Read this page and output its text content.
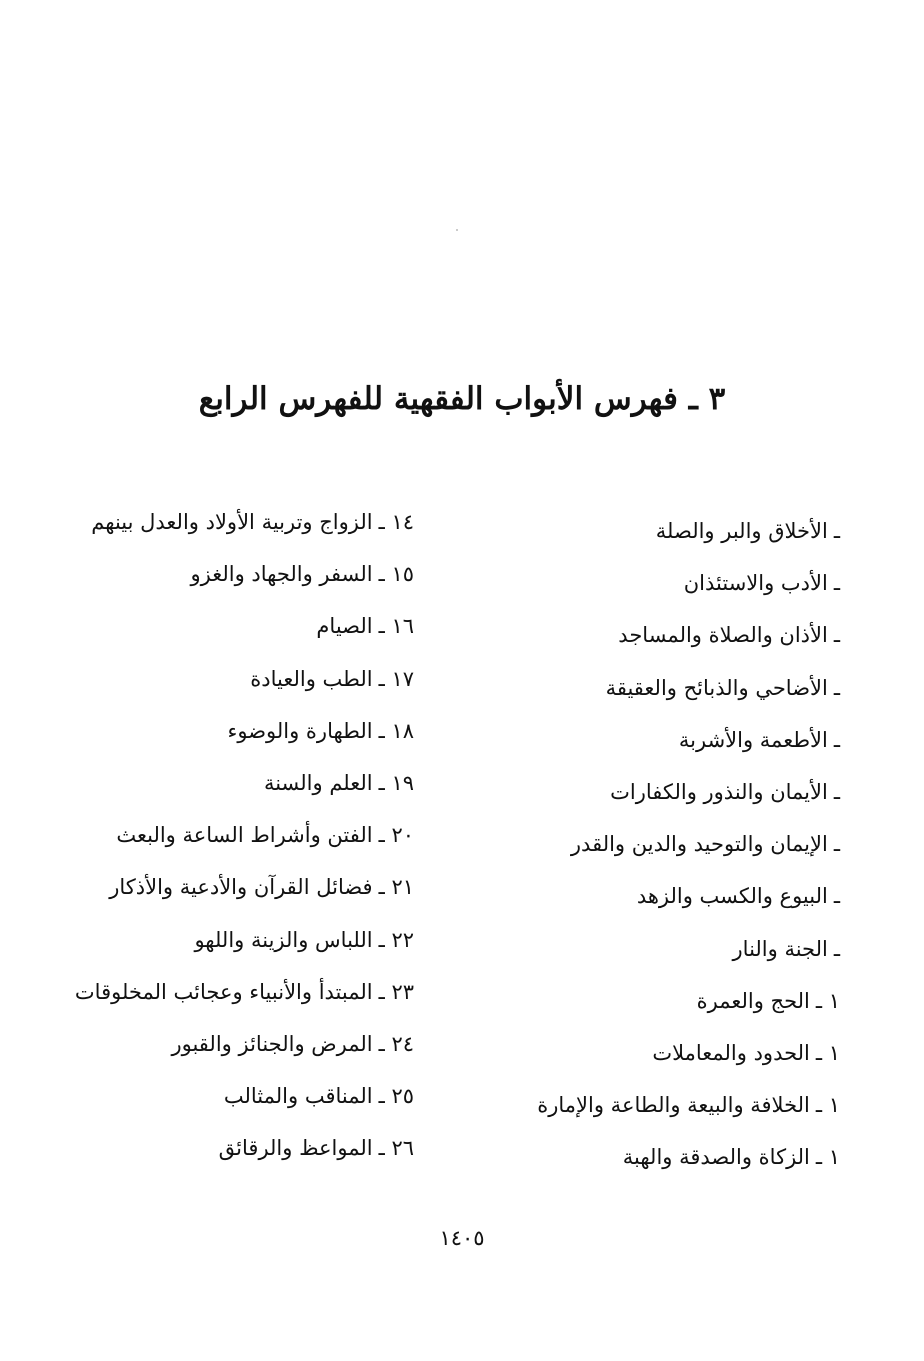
٣ ـ فهرس الأبواب الفقهية للفهرس الرابع
ـالأخلاق والبر والصلة
ـالأدب والاستئذان
ـالأذان والصلاة والمساجد
ـالأضاحي والذبائح والعقيقة
ـالأطعمة والأشربة
ـالأيمان والنذور والكفارات
ـالإيمان والتوحيد والدين والقدر
ـالبيوع والكسب والزهد
ـالجنة والنار
١ ـالحج والعمرة
١ ـالحدود والمعاملات
١ ـالخلافة والبيعة والطاعة والإمارة
١ ـالزكاة والصدقة والهبة
١٤ ـالزواج وتربية الأولاد والعدل بينهم
١٥ ـالسفر والجهاد والغزو
١٦ ـالصيام
١٧ ـالطب والعيادة
١٨ ـالطهارة والوضوء
١٩ ـالعلم والسنة
٢٠ ـالفتن وأشراط الساعة والبعث
٢١ ـفضائل القرآن والأدعية والأذكار
٢٢ ـاللباس والزينة واللهو
٢٣ ـالمبتدأ والأنبياء وعجائب المخلوقات
٢٤ ـالمرض والجنائز والقبور
٢٥ ـالمناقب والمثالب
٢٦ ـالمواعظ والرقائق
١٤٠٥
